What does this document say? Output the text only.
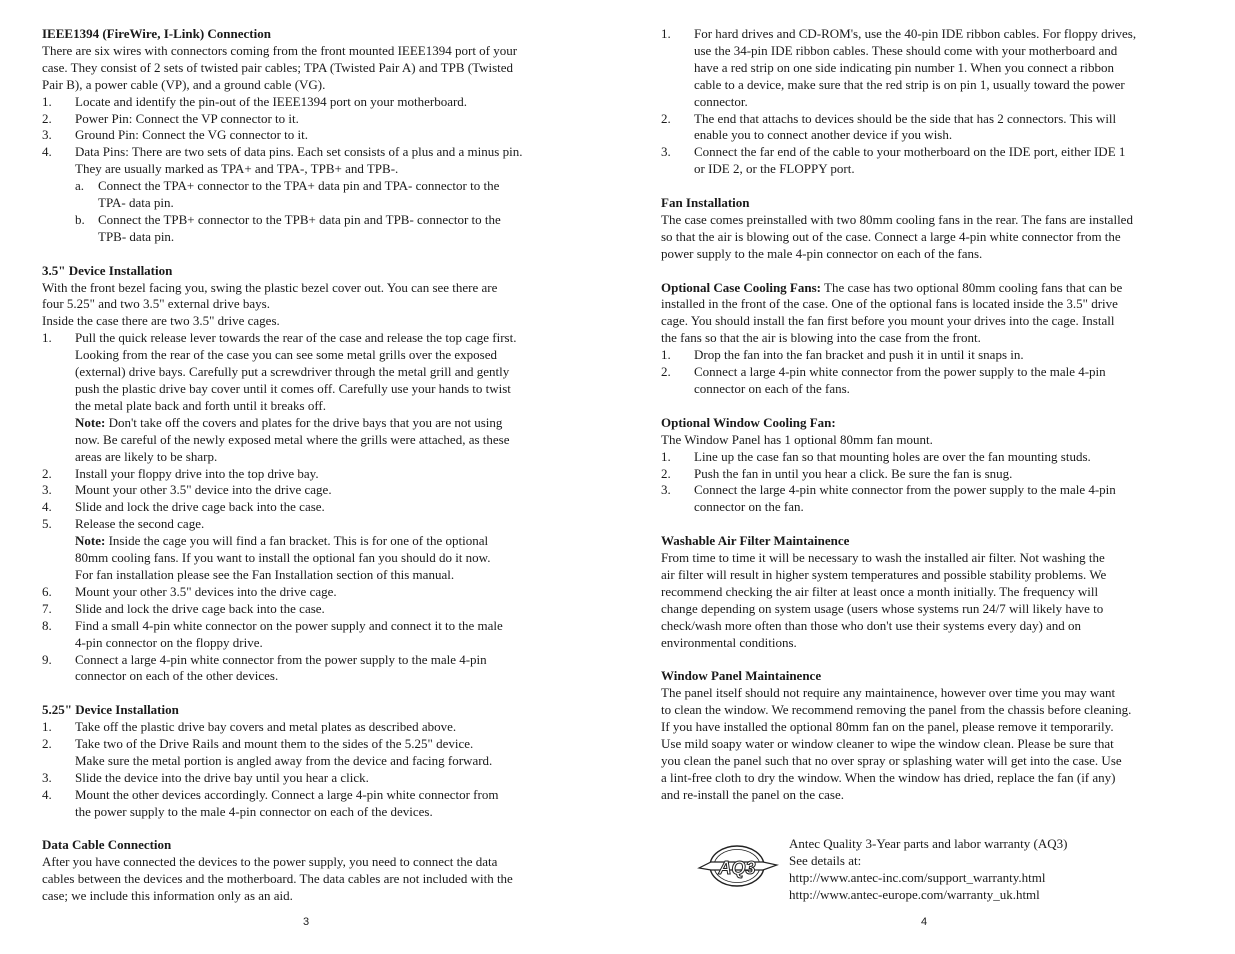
IEEE1394 (FireWire, I-Link) Connection
There are six wires with connectors coming from the front mounted IEEE1394 port of your
case. They consist of 2 sets of twisted pair cables; TPA (Twisted Pair A) and TPB (Twisted
Pair B), a power cable (VP), and a ground cable (VG).
1.	Locate and identify the pin-out of the IEEE1394 port on your motherboard.
2.	Power Pin: Connect the VP connector to it.
3.	Ground Pin: Connect the VG connector to it.
4.	Data Pins: There are two sets of data pins. Each set consists of a plus and a minus pin.
They are usually marked as TPA+ and TPA-, TPB+ and TPB-.
a.	Connect the TPA+ connector to the TPA+ data pin and TPA- connector to the
TPA- data pin.
b.	Connect the TPB+ connector to the TPB+ data pin and TPB- connector to the
TPB- data pin.
3.5" Device Installation
With the front bezel facing you, swing the plastic bezel cover out. You can see there are
four 5.25" and two 3.5" external drive bays.
Inside the case there are two 3.5" drive cages.
1.	Pull the quick release lever towards the rear of the case and release the top cage first.
Looking from the rear of the case you can see some metal grills over the exposed
(external) drive bays. Carefully put a screwdriver through the metal grill and gently
push the plastic drive bay cover until it comes off. Carefully use your hands to twist
the metal plate back and forth until it breaks off.
Note: Don't take off the covers and plates for the drive bays that you are not using
now. Be careful of the newly exposed metal where the grills were attached, as these
areas are likely to be sharp.
2.	Install your floppy drive into the top drive bay.
3.	Mount your other 3.5" device into the drive cage.
4.	Slide and lock the drive cage back into the case.
5.	Release the second cage.
Note: Inside the cage you will find a fan bracket. This is for one of the optional
80mm cooling fans. If you want to install the optional fan you should do it now.
For fan installation please see the Fan Installation section of this manual.
6.	Mount your other 3.5" devices into the drive cage.
7.	Slide and lock the drive cage back into the case.
8.	Find a small 4-pin white connector on the power supply and connect it to the male
4-pin connector on the floppy drive.
9.	Connect a large 4-pin white connector from the power supply to the male 4-pin
connector on each of the other devices.
5.25" Device Installation
1.	Take off the plastic drive bay covers and metal plates as described above.
2.	Take two of the Drive Rails and mount them to the sides of the 5.25" device.
Make sure the metal portion is angled away from the device and facing forward.
3.	Slide the device into the drive bay until you hear a click.
4.	Mount the other devices accordingly. Connect a large 4-pin white connector from
the power supply to the male 4-pin connector on each of the devices.
Data Cable Connection
After you have connected the devices to the power supply, you need to connect the data
cables between the devices and the motherboard. The data cables are not included with the
case; we include this information only as an aid.
3
1.	For hard drives and CD-ROM's, use the 40-pin IDE ribbon cables. For floppy drives,
use the 34-pin IDE ribbon cables. These should come with your motherboard and
have a red strip on one side indicating pin number 1. When you connect a ribbon
cable to a device, make sure that the red strip is on pin 1, usually toward the power
connector.
2.	The end that attachs to devices should be the side that has 2 connectors. This will
enable you to connect another device if you wish.
3.	Connect the far end of the cable to your motherboard on the IDE port, either IDE 1
or IDE 2, or the FLOPPY port.
Fan Installation
The case comes preinstalled with two 80mm cooling fans in the rear. The fans are installed
so that the air is blowing out of the case. Connect a large 4-pin white connector from the
power supply to the male 4-pin connector on each of the fans.
Optional Case Cooling Fans: The case has two optional 80mm cooling fans that can be
installed in the front of the case. One of the optional fans is located inside the 3.5" drive
cage. You should install the fan first before you mount your drives into the cage. Install
the fans so that the air is blowing into the case from the front.
1.	Drop the fan into the fan bracket and push it in until it snaps in.
2.	Connect a large 4-pin white connector from the power supply to the male 4-pin
connector on each of the fans.
Optional Window Cooling Fan:
The Window Panel has 1 optional 80mm fan mount.
1.	Line up the case fan so that mounting holes are over the fan mounting studs.
2.	Push the fan in until you hear a click. Be sure the fan is snug.
3.	Connect the large 4-pin white connector from the power supply to the male 4-pin
connector on the fan.
Washable Air Filter Maintainence
From time to time it will be necessary to wash the installed air filter. Not washing the
air filter will result in higher system temperatures and possible stability problems. We
recommend checking the air filter at least once a month initially. The frequency will
change depending on system usage (users whose systems run 24/7 will likely have to
check/wash more often than those who don't use their systems every day) and on
environmental conditions.
Window Panel Maintainence
The panel itself should not require any maintainence, however over time you may want
to clean the window. We recommend removing the panel from the chassis before cleaning.
If you have installed the optional 80mm fan on the panel, please remove it temporarily.
Use mild soapy water or window cleaner to wipe the window clean. Please be sure that
you clean the panel such that no over spray or splashing water will get into the case. Use
a lint-free cloth to dry the window. When the window has dried, replace the fan (if any)
and re-install the panel on the case.
AQ3
Antec Quality 3-Year parts and labor warranty (AQ3)
See details at:
http://www.antec-inc.com/support_warranty.html
http://www.antec-europe.com/warranty_uk.html
4
